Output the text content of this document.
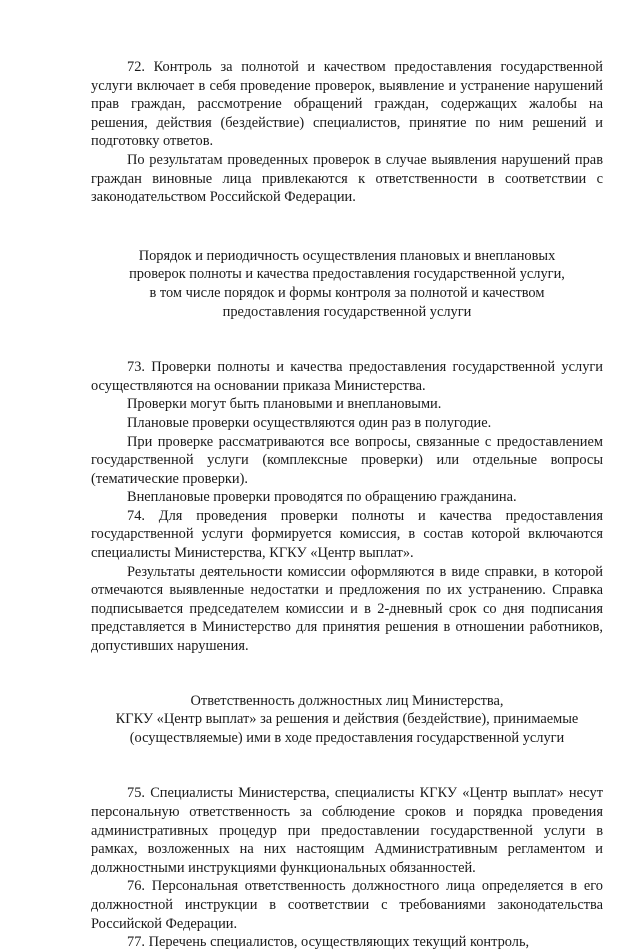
72. Контроль за полнотой и качеством предоставления государственной услуги включает в себя проведение проверок, выявление и устранение нарушений прав граждан, рассмотрение обращений граждан, содержащих жалобы на решения, действия (бездействие) специалистов, принятие по ним решений и подготовку ответов.

По результатам проведенных проверок в случае выявления нарушений прав граждан виновные лица привлекаются к ответственности в соответствии с законодательством Российской Федерации.

Порядок и периодичность осуществления плановых и внеплановых
проверок полноты и качества предоставления государственной услуги,
в том числе порядок и формы контроля за полнотой и качеством
предоставления государственной услуги

73. Проверки полноты и качества предоставления государственной услуги осуществляются на основании приказа Министерства.

Проверки могут быть плановыми и внеплановыми.

Плановые проверки осуществляются один раз в полугодие.

При проверке рассматриваются все вопросы, связанные с предоставлением государственной услуги (комплексные проверки) или отдельные вопросы (тематические проверки).

Внеплановые проверки проводятся по обращению гражданина.

74. Для проведения проверки полноты и качества предоставления государственной услуги формируется комиссия, в состав которой включаются специалисты Министерства, КГКУ «Центр выплат».

Результаты деятельности комиссии оформляются в виде справки, в которой отмечаются выявленные недостатки и предложения по их устранению. Справка подписывается председателем комиссии и в 2-дневный срок со дня подписания представляется в Министерство для принятия решения в отношении работников, допустивших нарушения.

Ответственность должностных лиц Министерства,
КГКУ «Центр выплат» за решения и действия (бездействие), принимаемые
(осуществляемые) ими в ходе предоставления государственной услуги

75. Специалисты Министерства, специалисты КГКУ «Центр выплат» несут персональную ответственность за соблюдение сроков и порядка проведения административных процедур при предоставлении государственной услуги в рамках, возложенных на них настоящим Административным регламентом и должностными инструкциями функциональных обязанностей.

76. Персональная ответственность должностного лица определяется в его должностной инструкции в соответствии с требованиями законодательства Российской Федерации.

77. Перечень специалистов, осуществляющих текущий контроль,
